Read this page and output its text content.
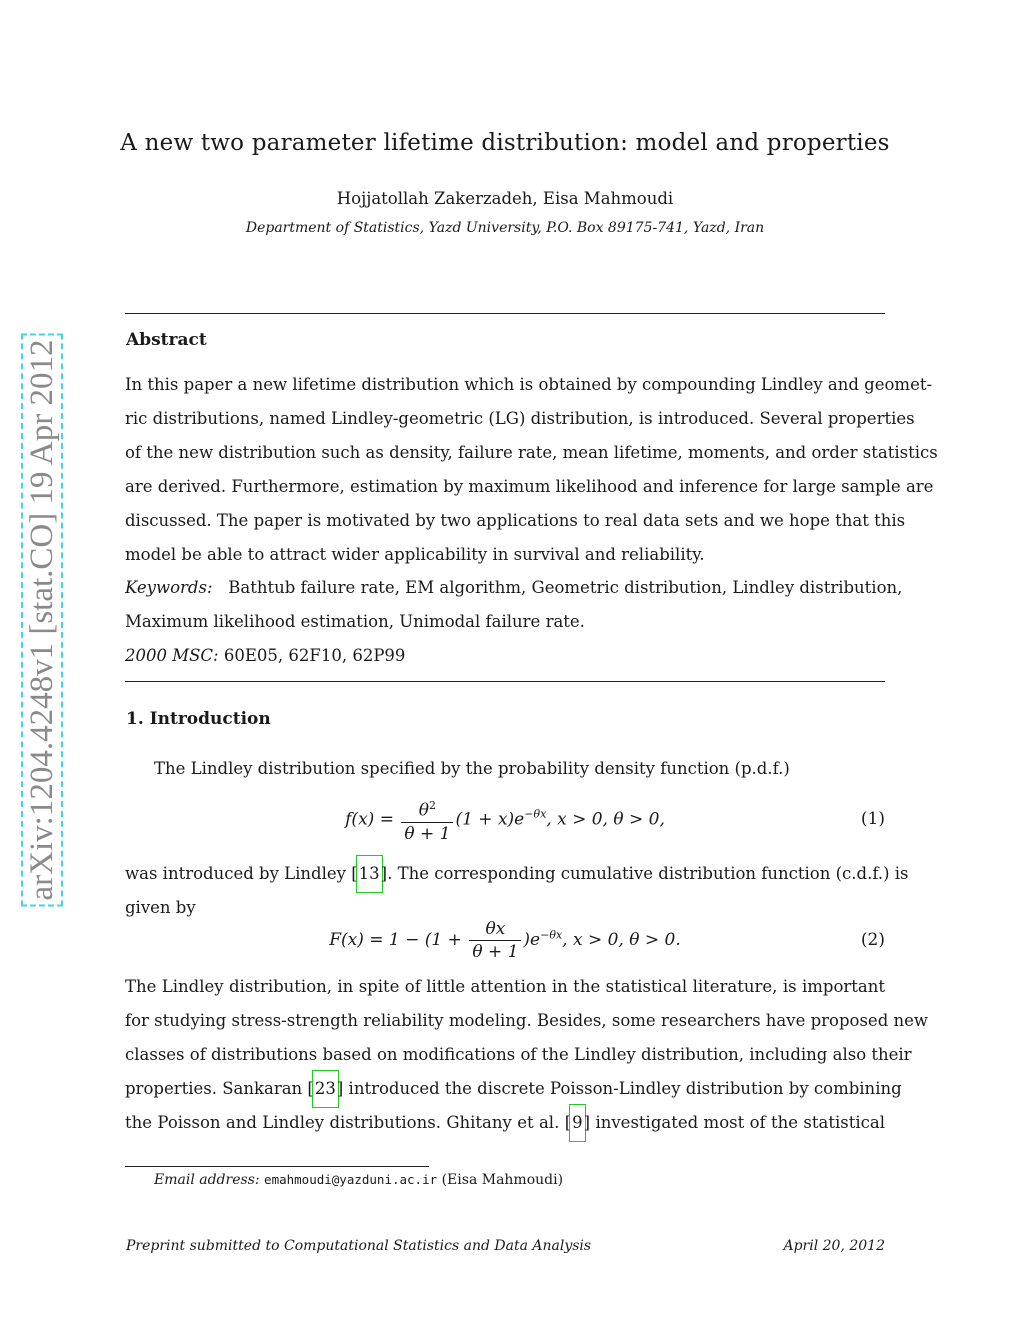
arXiv:1204.4248v1 [stat.CO] 19 Apr 2012
A new two parameter lifetime distribution: model and properties
Hojjatollah Zakerzadeh, Eisa Mahmoudi
Department of Statistics, Yazd University, P.O. Box 89175-741, Yazd, Iran
Abstract
In this paper a new lifetime distribution which is obtained by compounding Lindley and geomet-
ric distributions, named Lindley-geometric (LG) distribution, is introduced. Several properties
of the new distribution such as density, failure rate, mean lifetime, moments, and order statistics
are derived. Furthermore, estimation by maximum likelihood and inference for large sample are
discussed. The paper is motivated by two applications to real data sets and we hope that this
model be able to attract wider applicability in survival and reliability.
Keywords: Bathtub failure rate, EM algorithm, Geometric distribution, Lindley distribution,
Maximum likelihood estimation, Unimodal failure rate.
2000 MSC: 60E05, 62F10, 62P99
1. Introduction
The Lindley distribution specified by the probability density function (p.d.f.)
$f(x) = \frac{\theta^2}{\theta + 1} (1 + x)e^{-\theta x}$, x > 0, θ > 0,	(1)
was introduced by Lindley [13]. The corresponding cumulative distribution function (c.d.f.) is
given by
$F(x) = 1 - (1 + \frac{\theta x}{\theta + 1} )e^{-\theta x}$, x > 0, θ > 0.	(2)
The Lindley distribution, in spite of little attention in the statistical literature, is important
for studying stress-strength reliability modeling. Besides, some researchers have proposed new
classes of distributions based on modifications of the Lindley distribution, including also their
properties. Sankaran [23] introduced the discrete Poisson-Lindley distribution by combining
the Poisson and Lindley distributions. Ghitany et al. [9] investigated most of the statistical
Email address: emahmoudi@yazduni.ac.ir (Eisa Mahmoudi)
Preprint submitted to Computational Statistics and Data Analysis	April 20, 2012
